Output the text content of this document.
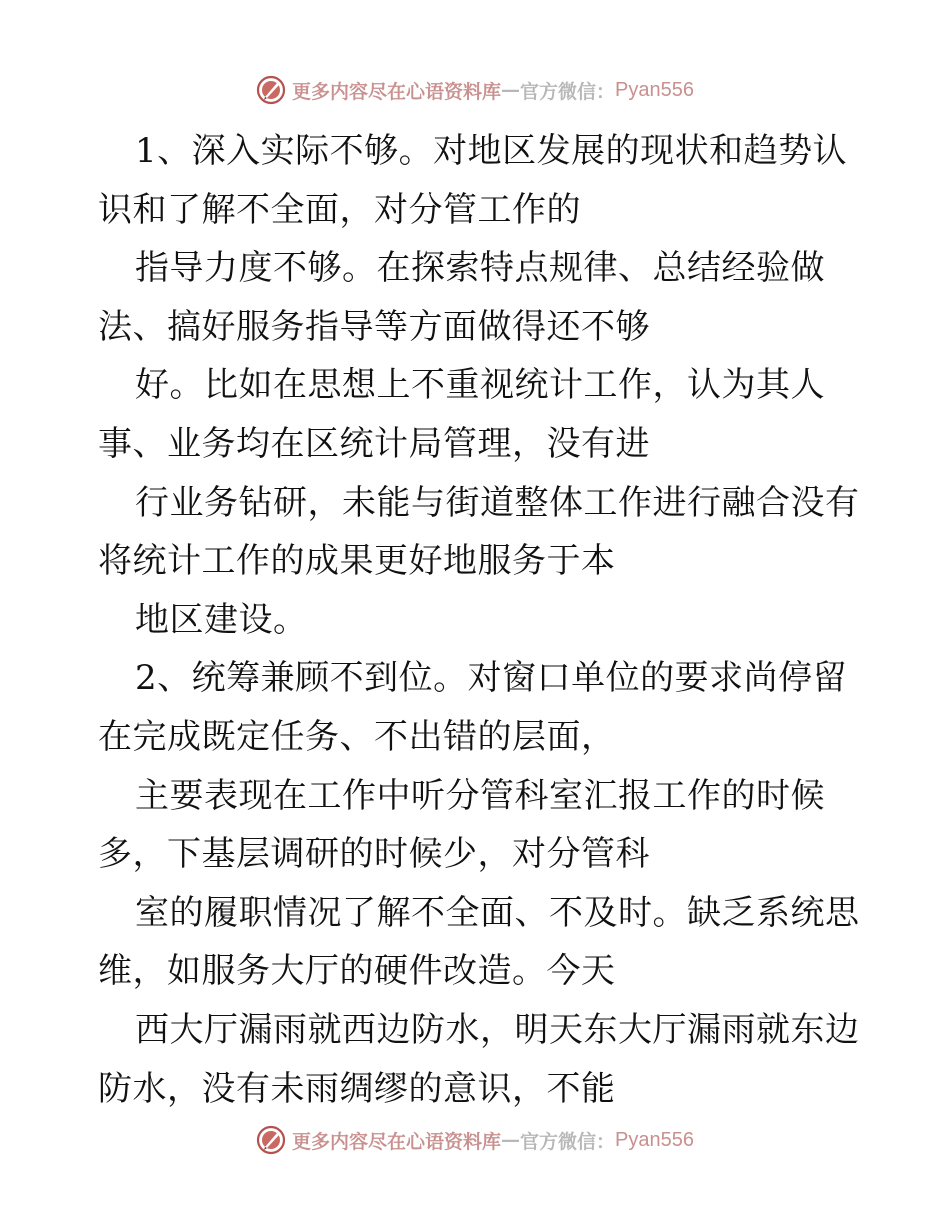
更多内容尽在心语资料库 — 官方微信： Pyan556
1、深入实际不够。对地区发展的现状和趋势认
识和了解不全面，对分管工作的
指导力度不够。在探索特点规律、总结经验做
法、搞好服务指导等方面做得还不够
好。比如在思想上不重视统计工作，认为其人
事、业务均在区统计局管理，没有进
行业务钻研，未能与街道整体工作进行融合没有
将统计工作的成果更好地服务于本
地区建设。
2、统筹兼顾不到位。对窗口单位的要求尚停留
在完成既定任务、不出错的层面，
主要表现在工作中听分管科室汇报工作的时候
多，下基层调研的时候少，对分管科
室的履职情况了解不全面、不及时。缺乏系统思
维，如服务大厅的硬件改造。今天
西大厅漏雨就西边防水，明天东大厅漏雨就东边
防水，没有未雨绸缪的意识，不能
更多内容尽在心语资料库 — 官方微信： Pyan556
